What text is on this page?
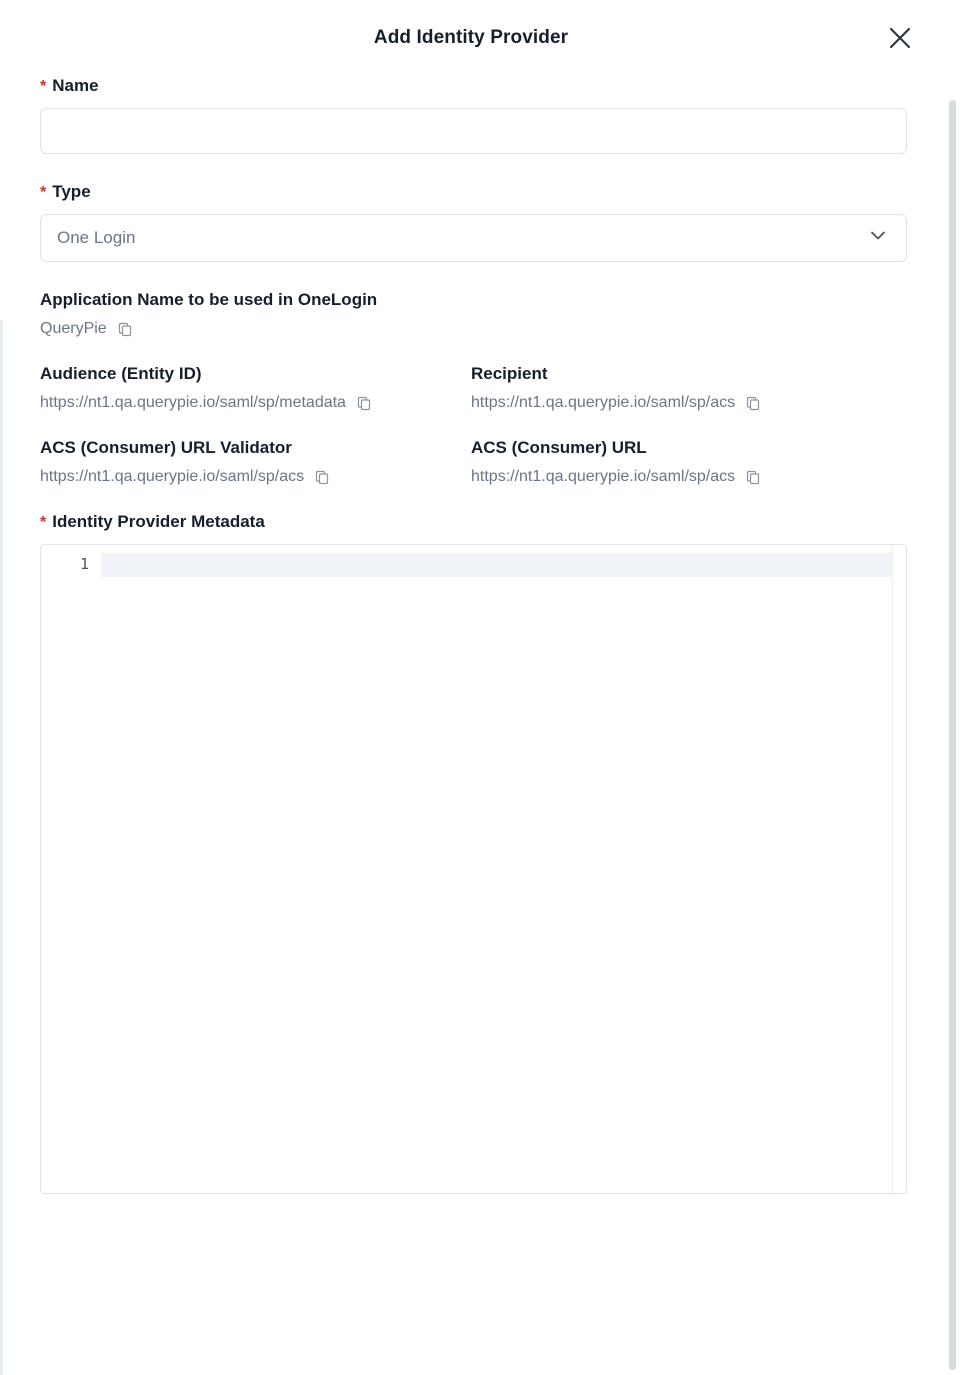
Add Identity Provider
* Name
* Type
One Login
Application Name to be used in OneLogin
QueryPie
Audience (Entity ID)
https://nt1.qa.querypie.io/saml/sp/metadata
Recipient
https://nt1.qa.querypie.io/saml/sp/acs
ACS (Consumer) URL Validator
https://nt1.qa.querypie.io/saml/sp/acs
ACS (Consumer) URL
https://nt1.qa.querypie.io/saml/sp/acs
* Identity Provider Metadata
1
